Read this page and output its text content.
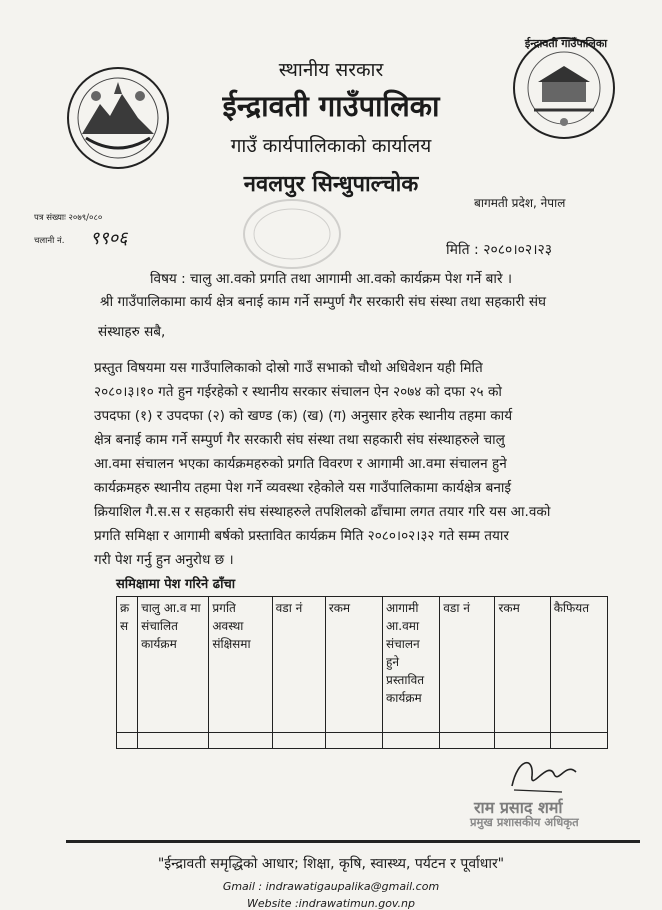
ईन्द्रावती गाउँपालिका
स्थानीय सरकार
ईन्द्रावती गाउँपालिका
गाउँ कार्यपालिकाको कार्यालय
नवलपुर सिन्धुपाल्चोक
बागमती प्रदेश, नेपाल
पत्र संख्याः २०७९/०८०
चलानी नं. ९९०६
मिति : २०८०।०२।२३
विषय : चालु आ.वको प्रगति तथा आगामी आ.वको कार्यक्रम पेश गर्ने बारे ।
श्री गाउँपालिकामा कार्य क्षेत्र बनाई काम गर्ने सम्पुर्ण गैर सरकारी संघ संस्था तथा सहकारी संघ
संस्थाहरु सबै,
प्रस्तुत विषयमा यस गाउँपालिकाको दोस्रो गाउँ सभाको चौथो अधिवेशन यही मिति
२०८०।३।१० गते हुन गईरहेको र स्थानीय सरकार संचालन ऐन २०७४ को दफा २५ को
उपदफा (१) र उपदफा (२) को खण्ड (क) (ख) (ग) अनुसार हरेक स्थानीय तहमा कार्य
क्षेत्र बनाई काम गर्ने सम्पुर्ण गैर सरकारी संघ संस्था तथा सहकारी संघ संस्थाहरुले चालु
आ.वमा संचालन भएका कार्यक्रमहरुको प्रगति विवरण र आगामी आ.वमा संचालन हुने
कार्यक्रमहरु स्थानीय तहमा पेश गर्ने व्यवस्था रहेकोले यस गाउँपालिकामा कार्यक्षेत्र बनाई
क्रियाशिल गै.स.स र सहकारी संघ संस्थाहरुले तपशिलको ढाँचामा लगत तयार गरि यस आ.वको
प्रगति समिक्षा र आगामी बर्षको प्रस्तावित कार्यक्रम मिति २०८०।०२।३२ गते सम्म तयार
गरी पेश गर्नु हुन अनुरोध छ ।
समिक्षामा पेश गरिने ढाँचा
क्र स	चालु आ.व मा संचालित कार्यक्रम	प्रगति अवस्था संक्षिसमा	वडा नं	रकम	आगामी आ.वमा संचालन हुने प्रस्तावित कार्यक्रम	वडा नं	रकम	कैफियत

राम प्रसाद शर्मा
प्रमुख प्रशासकीय अधिकृत
"ईन्द्रावती समृद्धिको आधार; शिक्षा, कृषि, स्वास्थ्य, पर्यटन र पूर्वाधार"
Gmail : indrawatigaupalika@gmail.com
Website :indrawatimun.gov.np
